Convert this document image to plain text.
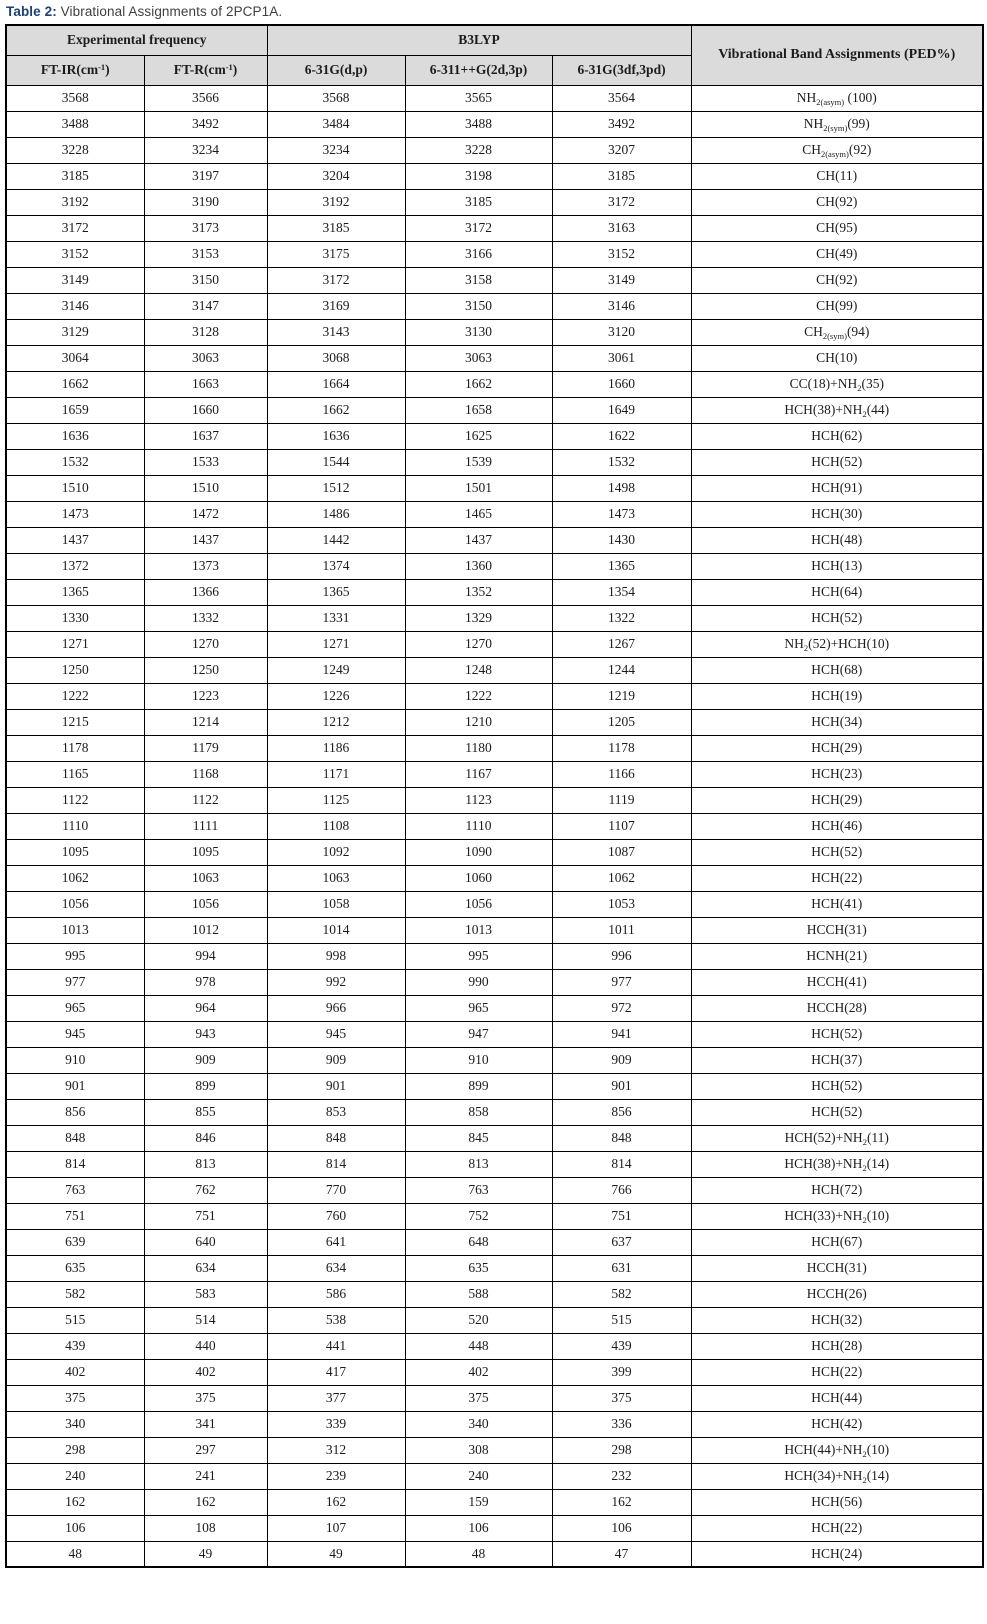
Table 2: Vibrational Assignments of 2PCP1A.
Experimental frequency		B3LYP			Vibrational Band Assignments (PED%)
$FT-IR(cm^{-1})$	$FT-R(cm^{-1})$	6-31G(d,p)	6-311++G(2d,3p)	6-31G(3df,3pd)	
3568	3566	3568	3565	3564	$NH_{2(asym)}$ (100)
3488	3492	3484	3488	3492	$NH_{2(sym)}(99)$
3228	3234	3234	3228	3207	$CH_{2(asym)}(92)$
3185	3197	3204	3198	3185	CH(11)
3192	3190	3192	3185	3172	CH(92)
3172	3173	3185	3172	3163	CH(95)
3152	3153	3175	3166	3152	CH(49)
3149	3150	3172	3158	3149	CH(92)
3146	3147	3169	3150	3146	CH(99)
3129	3128	3143	3130	3120	$CH_{2(sym)}(94)$
3064	3063	3068	3063	3061	CH(10)
1662	1663	1664	1662	1660	$CC(18)+NH_2(35)$
1659	1660	1662	1658	1649	$HCH(38)+NH_2(44)$
1636	1637	1636	1625	1622	HCH(62)
1532	1533	1544	1539	1532	HCH(52)
1510	1510	1512	1501	1498	HCH(91)
1473	1472	1486	1465	1473	HCH(30)
1437	1437	1442	1437	1430	HCH(48)
1372	1373	1374	1360	1365	HCH(13)
1365	1366	1365	1352	1354	HCH(64)
1330	1332	1331	1329	1322	HCH(52)
1271	1270	1271	1270	1267	$NH_2(52)+HCH(10)$
1250	1250	1249	1248	1244	HCH(68)
1222	1223	1226	1222	1219	HCH(19)
1215	1214	1212	1210	1205	HCH(34)
1178	1179	1186	1180	1178	HCH(29)
1165	1168	1171	1167	1166	HCH(23)
1122	1122	1125	1123	1119	HCH(29)
1110	1111	1108	1110	1107	HCH(46)
1095	1095	1092	1090	1087	HCH(52)
1062	1063	1063	1060	1062	HCH(22)
1056	1056	1058	1056	1053	HCH(41)
1013	1012	1014	1013	1011	HCCH(31)
995	994	998	995	996	HCNH(21)
977	978	992	990	977	HCCH(41)
965	964	966	965	972	HCCH(28)
945	943	945	947	941	HCH(52)
910	909	909	910	909	HCH(37)
901	899	901	899	901	HCH(52)
856	855	853	858	856	HCH(52)
848	846	848	845	848	$HCH(52)+NH_2(11)$
814	813	814	813	814	$HCH(38)+NH_2(14)$
763	762	770	763	766	HCH(72)
751	751	760	752	751	$HCH(33)+NH_2(10)$
639	640	641	648	637	HCH(67)
635	634	634	635	631	HCCH(31)
582	583	586	588	582	HCCH(26)
515	514	538	520	515	HCH(32)
439	440	441	448	439	HCH(28)
402	402	417	402	399	HCH(22)
375	375	377	375	375	HCH(44)
340	341	339	340	336	HCH(42)
298	297	312	308	298	$HCH(44)+NH_2(10)$
240	241	239	240	232	$HCH(34)+NH_2(14)$
162	162	162	159	162	HCH(56)
106	108	107	106	106	HCH(22)
48	49	49	48	47	HCH(24)
